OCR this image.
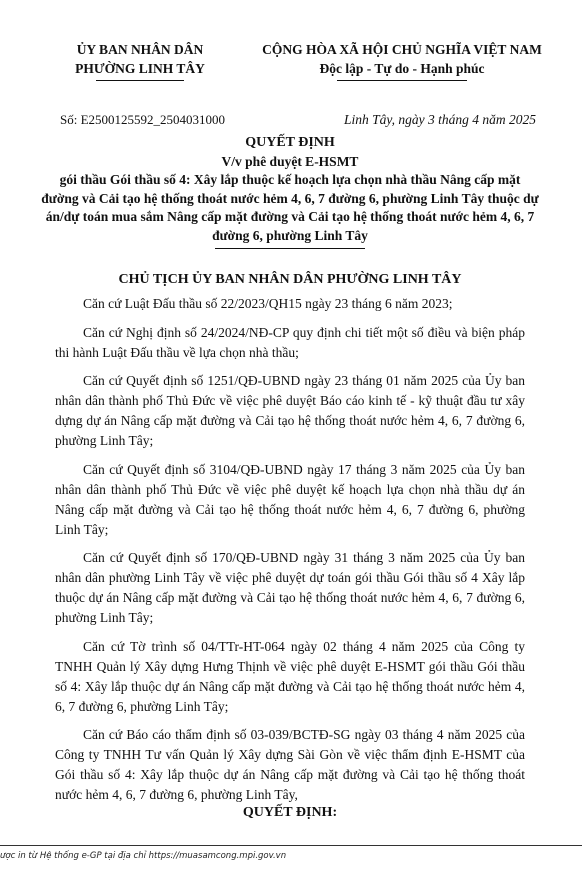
ỦY BAN NHÂN DÂN
PHƯỜNG LINH TÂY
CỘNG HÒA XÃ HỘI CHỦ NGHĨA VIỆT NAM
Độc lập - Tự do - Hạnh phúc
Số: E2500125592_2504031000	Linh Tây, ngày 3 tháng 4 năm 2025
QUYẾT ĐỊNH
V/v phê duyệt E-HSMT
gói thầu Gói thầu số 4: Xây lắp thuộc kế hoạch lựa chọn nhà thầu Nâng cấp mặt đường và Cải tạo hệ thống thoát nước hẻm 4, 6, 7 đường 6, phường Linh Tây thuộc dự án/dự toán mua sắm Nâng cấp mặt đường và Cải tạo hệ thống thoát nước hẻm 4, 6, 7 đường 6, phường Linh Tây
CHỦ TỊCH ỦY BAN NHÂN DÂN PHƯỜNG LINH TÂY

Căn cứ Luật Đấu thầu số 22/2023/QH15 ngày 23 tháng 6 năm 2023;

Căn cứ Nghị định số 24/2024/NĐ-CP quy định chi tiết một số điều và biện pháp thi hành Luật Đấu thầu về lựa chọn nhà thầu;

Căn cứ Quyết định số 1251/QĐ-UBND ngày 23 tháng 01 năm 2025 của Ủy ban nhân dân thành phố Thủ Đức về việc phê duyệt Báo cáo kinh tế - kỹ thuật đầu tư xây dựng dự án Nâng cấp mặt đường và Cải tạo hệ thống thoát nước hẻm 4, 6, 7 đường 6, phường Linh Tây;

Căn cứ Quyết định số 3104/QĐ-UBND ngày 17 tháng 3 năm 2025 của Ủy ban nhân dân thành phố Thủ Đức về việc phê duyệt kế hoạch lựa chọn nhà thầu dự án Nâng cấp mặt đường và Cải tạo hệ thống thoát nước hẻm 4, 6, 7 đường 6, phường Linh Tây;

Căn cứ Quyết định số 170/QĐ-UBND ngày 31 tháng 3 năm 2025 của Ủy ban nhân dân phường Linh Tây về việc phê duyệt dự toán gói thầu Gói thầu số 4 Xây lắp thuộc dự án Nâng cấp mặt đường và Cải tạo hệ thống thoát nước hẻm 4, 6, 7 đường 6, phường Linh Tây;

Căn cứ Tờ trình số 04/TTr-HT-064 ngày 02 tháng 4 năm 2025 của Công ty TNHH Quản lý Xây dựng Hưng Thịnh về việc phê duyệt E-HSMT gói thầu Gói thầu số 4: Xây lắp thuộc dự án Nâng cấp mặt đường và Cải tạo hệ thống thoát nước hẻm 4, 6, 7 đường 6, phường Linh Tây;

Căn cứ Báo cáo thẩm định số 03-039/BCTĐ-SG ngày 03 tháng 4 năm 2025 của Công ty TNHH Tư vấn Quản lý Xây dựng Sài Gòn về việc thẩm định E-HSMT của Gói thầu số 4: Xây lắp thuộc dự án Nâng cấp mặt đường và Cải tạo hệ thống thoát nước hẻm 4, 6, 7 đường 6, phường Linh Tây,

QUYẾT ĐỊNH:
ược in từ Hệ thống e-GP tại địa chỉ https://muasamcong.mpi.gov.vn
